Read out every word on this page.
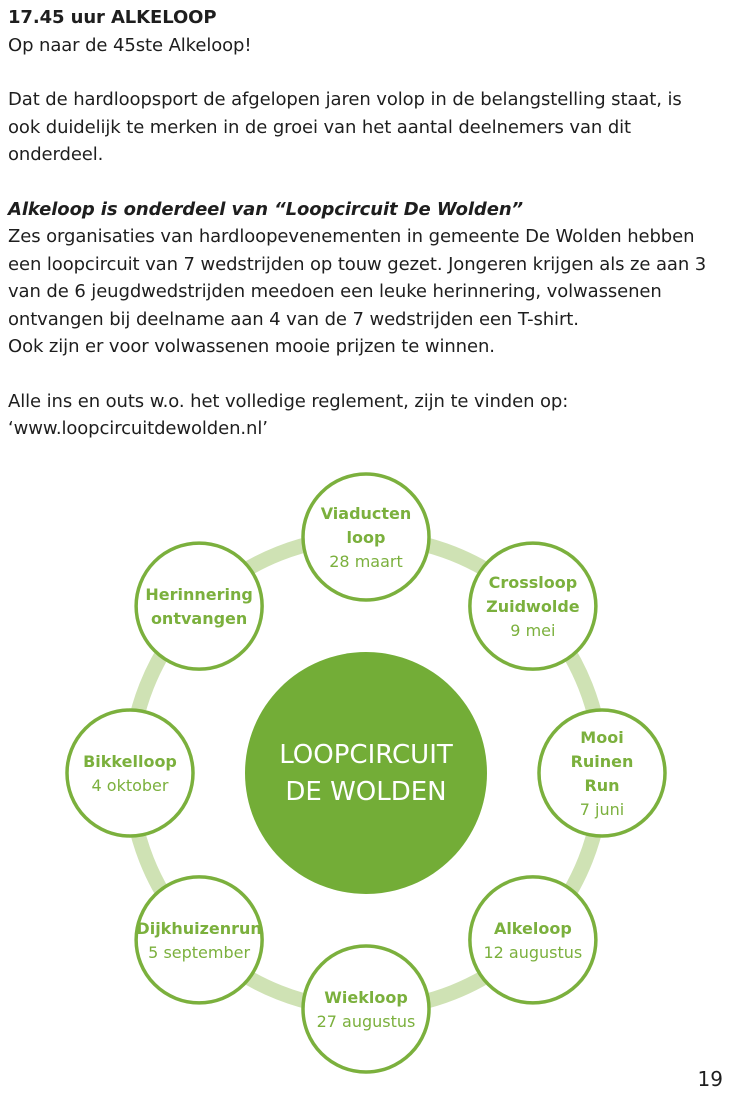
17.45 uur ALKELOOP

Op naar de 45ste Alkeloop!

Dat de hardloopsport de afgelopen jaren volop in de belangstelling staat, is

ook duidelijk te merken in de groei van het aantal deelnemers van dit

onderdeel.

Alkeloop is onderdeel van “Loopcircuit De Wolden”

Zes organisaties van hardloopevenementen in gemeente De Wolden hebben

een loopcircuit van 7 wedstrijden op touw gezet. Jongeren krijgen als ze aan 3

van de 6 jeugdwedstrijden meedoen een leuke herinnering, volwassenen

ontvangen bij deelname aan 4 van de 7 wedstrijden een T-shirt.

Ook zijn er voor volwassenen mooie prijzen te winnen.

Alle ins en outs w.o. het volledige reglement, zijn te vinden op:

‘www.loopcircuitdewolden.nl’

LOOPCIRCUIT
DE WOLDEN
Viaducten
loop
28 maart
Crossloop
Zuidwolde
9 mei
Mooi
Ruinen
Run
7 juni
Alkeloop
12 augustus
Wiekloop
27 augustus
Dijkhuizenrun
5 september
Bikkelloop
4 oktober
Herinnering
ontvangen
19
